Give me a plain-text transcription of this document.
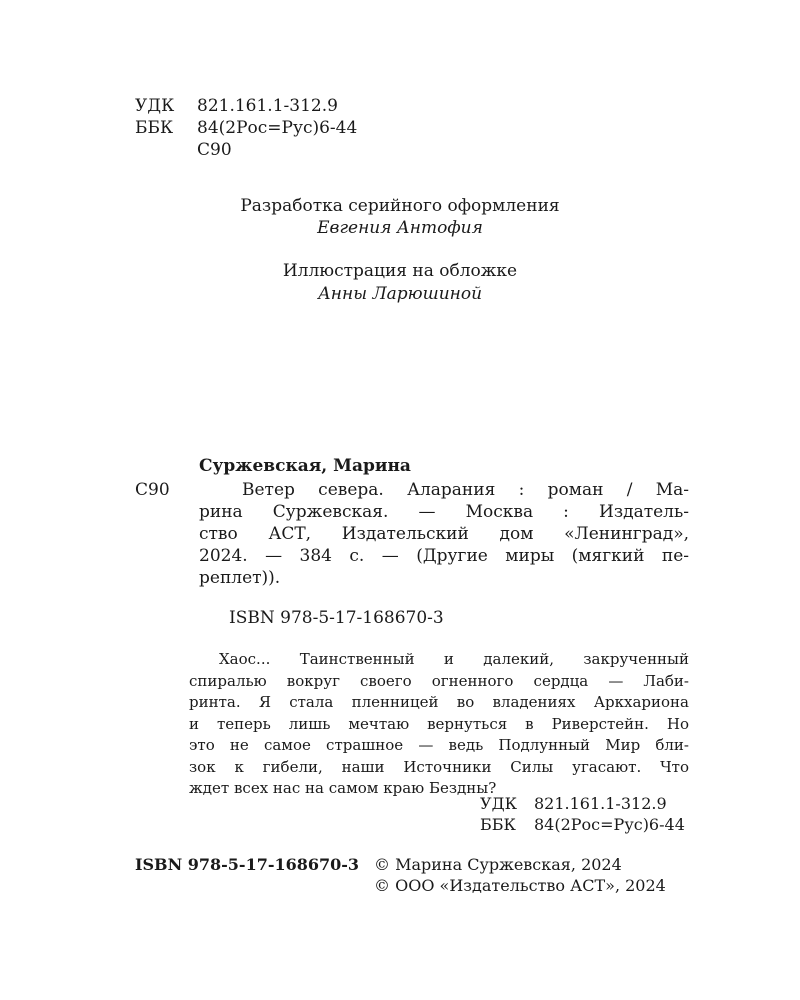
УДК 821.161.1-312.9
ББК 84(2Рос=Рус)6-44
С90
Разработка серийного оформления
Евгения Антофия
Иллюстрация на обложке
Анны Ларюшиной
Суржевская, Марина
С90	Ветер севера. Аларания : роман / Ма-
рина Суржевская. — Москва : Издатель-
ство АСТ, Издательский дом «Ленинград»,
2024. — 384 с. — (Другие миры (мягкий пе-
реплет)).
ISBN 978-5-17-168670-3
Хаос... Таинственный и далекий, закрученный
спиралью вокруг своего огненного сердца — Лаби-
ринта. Я стала пленницей во владениях Аркхариона
и теперь лишь мечтаю вернуться в Риверстейн. Но
это не самое страшное — ведь Подлунный Мир бли-
зок к гибели, наши Источники Силы угасают. Что
ждет всех нас на самом краю Бездны?
УДК 821.161.1-312.9
ББК 84(2Рос=Рус)6-44
ISBN 978-5-17-168670-3 © Марина Суржевская, 2024
© ООО «Издательство АСТ», 2024
